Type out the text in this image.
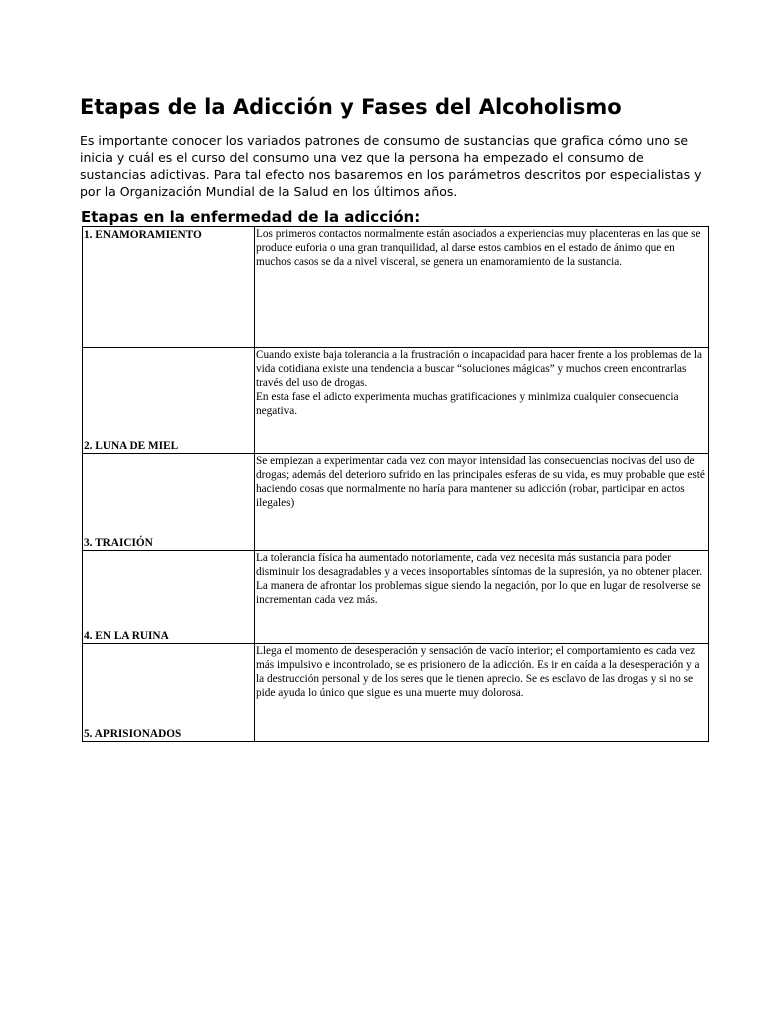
Etapas de la Adicción y Fases del Alcoholismo

Es importante conocer los variados patrones de consumo de sustancias que grafica cómo uno se inicia y cuál es el curso del consumo una vez que la persona ha empezado el consumo de sustancias adictivas. Para tal efecto nos basaremos en los parámetros descritos por especialistas y por la Organización Mundial de la Salud en los últimos años.

Etapas en la enfermedad de la adicción:
1. ENAMORAMIENTO	Los primeros contactos normalmente están asociados a experiencias muy placenteras en las que se produce euforia o una gran tranquilidad, al darse estos cambios en el estado de ánimo que en muchos casos se da a nivel visceral, se genera un enamoramiento de la sustancia.

2. LUNA DE MIEL	Cuando existe baja tolerancia a la frustración o incapacidad para hacer frente a los problemas de la vida cotidiana existe una tendencia a buscar “soluciones mágicas” y muchos creen encontrarlas través del uso de drogas.

En esta fase el adicto experimenta muchas gratificaciones y minimiza cualquier consecuencia negativa.

3. TRAICIÓN	Se empiezan a experimentar cada vez con mayor intensidad las consecuencias nocivas del uso de drogas; además del deterioro sufrido en las principales esferas de su vida, es muy probable que esté haciendo cosas que normalmente no haría para mantener su adicción (robar, participar en actos ilegales)

4. EN LA RUINA	La tolerancia física ha aumentado notoriamente, cada vez necesita más sustancia para poder disminuir los desagradables y a veces insoportables síntomas de la supresión, ya no obtener placer. La manera de afrontar los problemas sigue siendo la negación, por lo que en lugar de resolverse se incrementan cada vez más.

5. APRISIONADOS	Llega el momento de desesperación y sensación de vacío interior; el comportamiento es cada vez más impulsivo e incontrolado, se es prisionero de la adicción. Es ir en caída a la desesperación y a la destrucción personal y de los seres que le tienen aprecio. Se es esclavo de las drogas y si no se pide ayuda lo único que sigue es una muerte muy dolorosa.
